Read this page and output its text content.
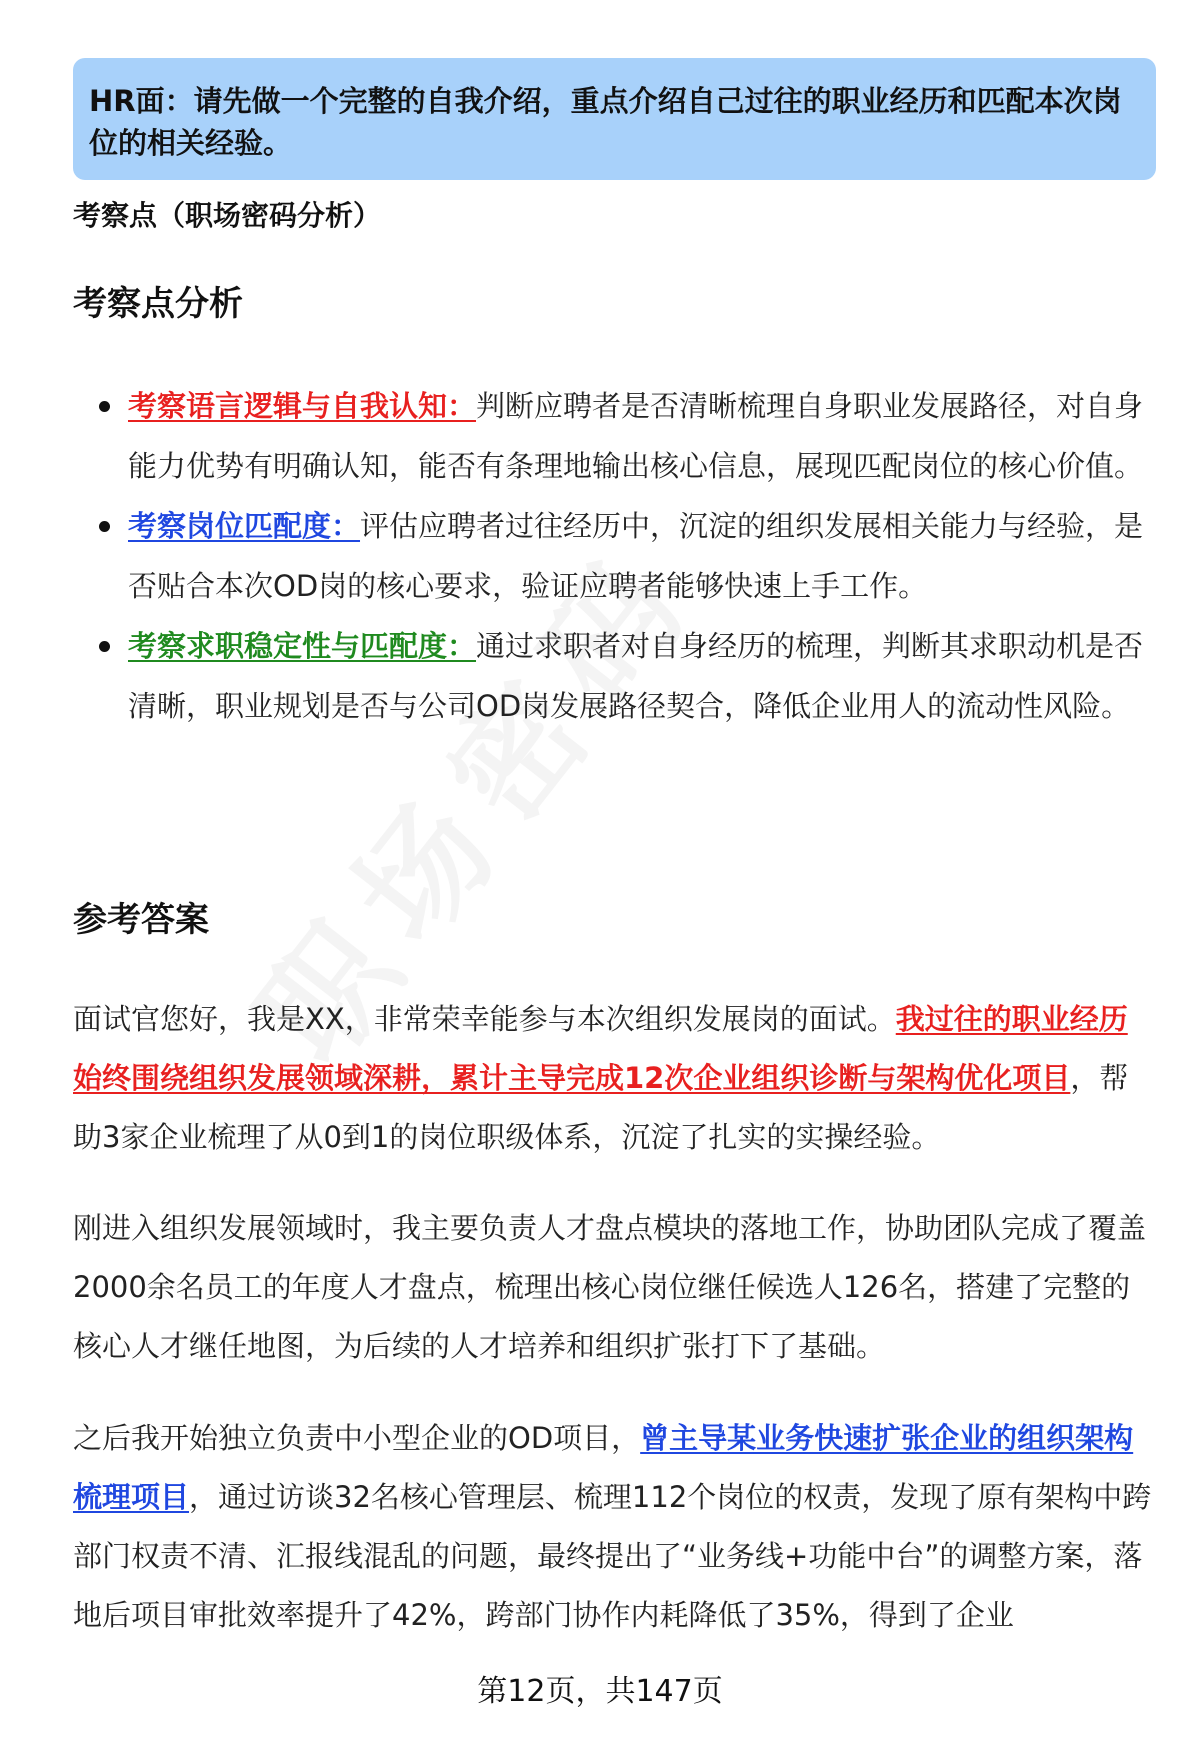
HR面：请先做一个完整的自我介绍，重点介绍自己过往的职业经历和匹配本次岗位的相关经验。
考察点（职场密码分析）
考察点分析
考察语言逻辑与自我认知：判断应聘者是否清晰梳理自身职业发展路径，对自身能力优势有明确认知，能否有条理地输出核心信息，展现匹配岗位的核心价值。
考察岗位匹配度：评估应聘者过往经历中，沉淀的组织发展相关能力与经验，是否贴合本次OD岗的核心要求，验证应聘者能够快速上手工作。
考察求职稳定性与匹配度：通过求职者对自身经历的梳理，判断其求职动机是否清晰，职业规划是否与公司OD岗发展路径契合，降低企业用人的流动性风险。
参考答案

面试官您好，我是XX，非常荣幸能参与本次组织发展岗的面试。我过往的职业经历始终围绕组织发展领域深耕，累计主导完成12次企业组织诊断与架构优化项目，帮助3家企业梳理了从0到1的岗位职级体系，沉淀了扎实的实操经验。

刚进入组织发展领域时，我主要负责人才盘点模块的落地工作，协助团队完成了覆盖2000余名员工的年度人才盘点，梳理出核心岗位继任候选人126名，搭建了完整的核心人才继任地图，为后续的人才培养和组织扩张打下了基础。

之后我开始独立负责中小型企业的OD项目，曾主导某业务快速扩张企业的组织架构梳理项目，通过访谈32名核心管理层、梳理112个岗位的权责，发现了原有架构中跨部门权责不清、汇报线混乱的问题，最终提出了“业务线+功能中台”的调整方案，落地后项目审批效率提升了42%，跨部门协作内耗降低了35%，得到了企业

第12页，共147页
